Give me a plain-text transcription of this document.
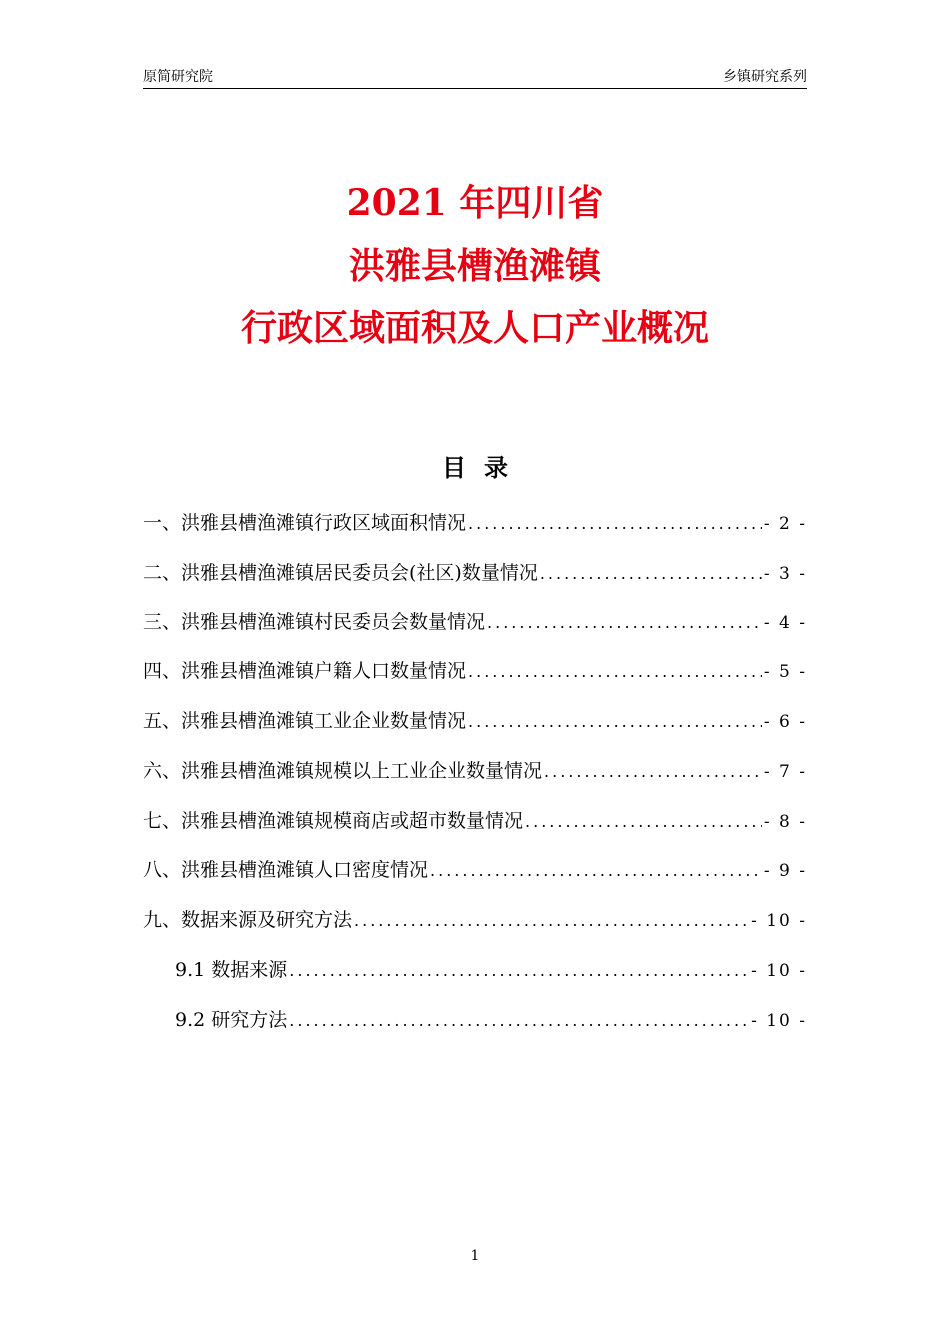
原简研究院	乡镇研究系列
2021 年四川省
洪雅县槽渔滩镇
行政区域面积及人口产业概况
目录
一、洪雅县槽渔滩镇行政区域面积情况 .....	- 2 -
二、洪雅县槽渔滩镇居民委员会(社区)数量情况 .....	- 3 -
三、洪雅县槽渔滩镇村民委员会数量情况 .....	- 4 -
四、洪雅县槽渔滩镇户籍人口数量情况 .....	- 5 -
五、洪雅县槽渔滩镇工业企业数量情况 .....	- 6 -
六、洪雅县槽渔滩镇规模以上工业企业数量情况 .....	- 7 -
七、洪雅县槽渔滩镇规模商店或超市数量情况 .....	- 8 -
八、洪雅县槽渔滩镇人口密度情况 .....	- 9 -
九、数据来源及研究方法 .....	- 10 -
9.1 数据来源 .....	- 10 -
9.2 研究方法 .....	- 10 -
1
